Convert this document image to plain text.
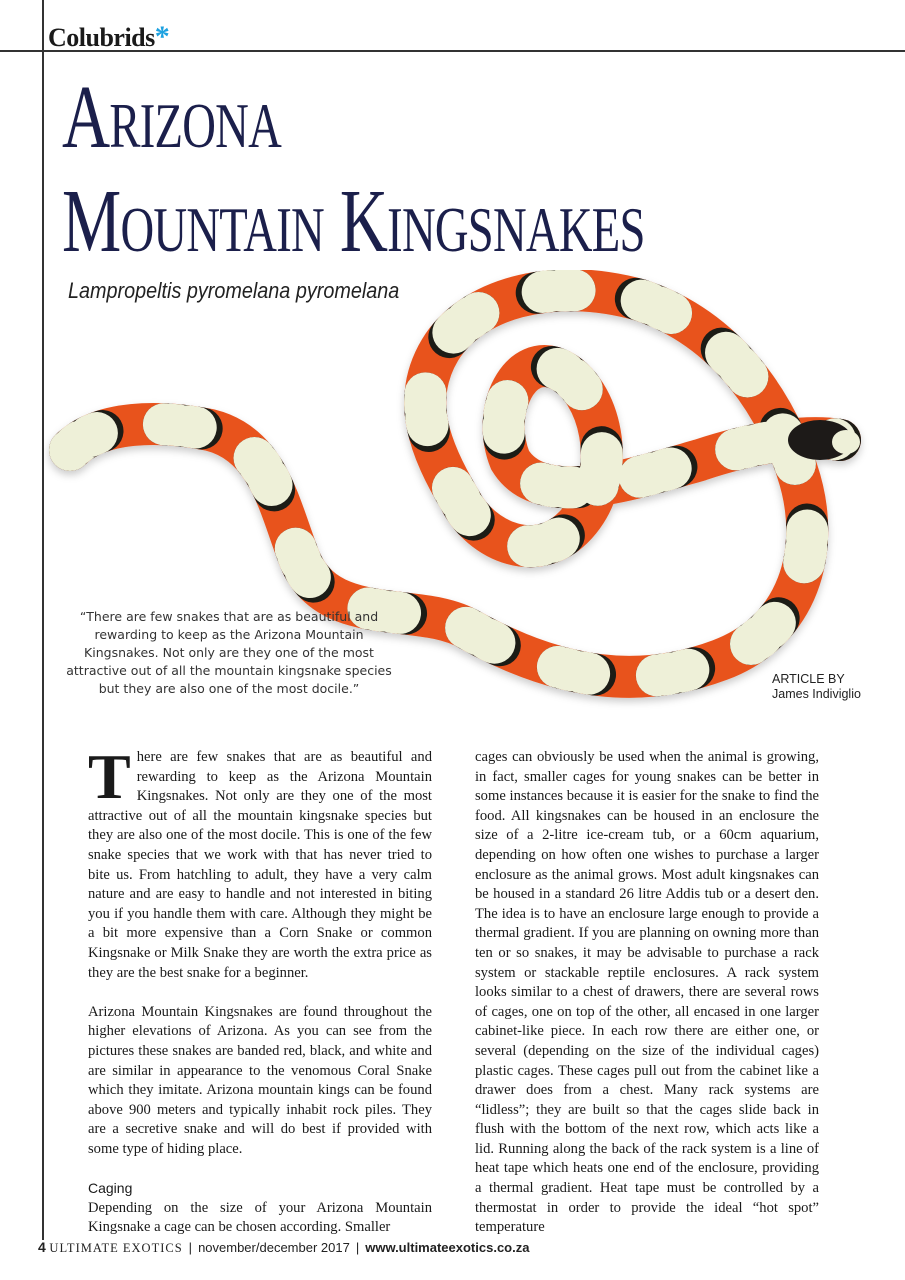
Colubrids*
Arizona
Mountain Kingsnakes
Lampropeltis pyromelana pyromelana
“There are few snakes that are as beautiful and rewarding to keep as the Arizona Mountain Kingsnakes. Not only are they one of the most attractive out of all the mountain kingsnake species but they are also one of the most docile.”
ARTICLE BY
James Indiviglio

There are few snakes that are as beautiful and rewarding to keep as the Arizona Mountain Kingsnakes. Not only are they one of the most attractive out of all the mountain kingsnake species but they are also one of the most docile. This is one of the few snake species that we work with that has never tried to bite us. From hatchling to adult, they have a very calm nature and are easy to handle and not interested in biting you if you handle them with care. Although they might be a bit more expensive than a Corn Snake or common Kingsnake or Milk Snake they are worth the extra price as they are the best snake for a beginner.

Arizona Mountain Kingsnakes are found throughout the higher elevations of Arizona. As you can see from the pictures these snakes are banded red, black, and white and are similar in appearance to the venomous Coral Snake which they imitate. Arizona mountain kings can be found above 900 meters and typically inhabit rock piles. They are a secretive snake and will do best if provided with some type of hiding place.

Caging

Depending on the size of your Arizona Mountain Kingsnake a cage can be chosen according. Smaller

cages can obviously be used when the animal is growing, in fact, smaller cages for young snakes can be better in some instances because it is easier for the snake to find the food. All kingsnakes can be housed in an enclosure the size of a 2-litre ice-cream tub, or a 60cm aquarium, depending on how often one wishes to purchase a larger enclosure as the animal grows. Most adult kingsnakes can be housed in a standard 26 litre Addis tub or a desert den. The idea is to have an enclosure large enough to provide a thermal gradient. If you are planning on owning more than ten or so snakes, it may be advisable to purchase a rack system or stackable reptile enclosures. A rack system looks similar to a chest of drawers, there are several rows of cages, one on top of the other, all encased in one larger cabinet-like piece. In each row there are either one, or several (depending on the size of the individual cages) plastic cages. These cages pull out from the cabinet like a drawer does from a chest. Many rack systems are “lidless”; they are built so that the cages slide back in flush with the bottom of the next row, which acts like a lid. Running along the back of the rack system is a line of heat tape which heats one end of the enclosure, providing a thermal gradient. Heat tape must be controlled by a thermostat in order to provide the ideal “hot spot” temperature

4 ULTIMATE EXOTICS | november/december 2017 | www.ultimateexotics.co.za
